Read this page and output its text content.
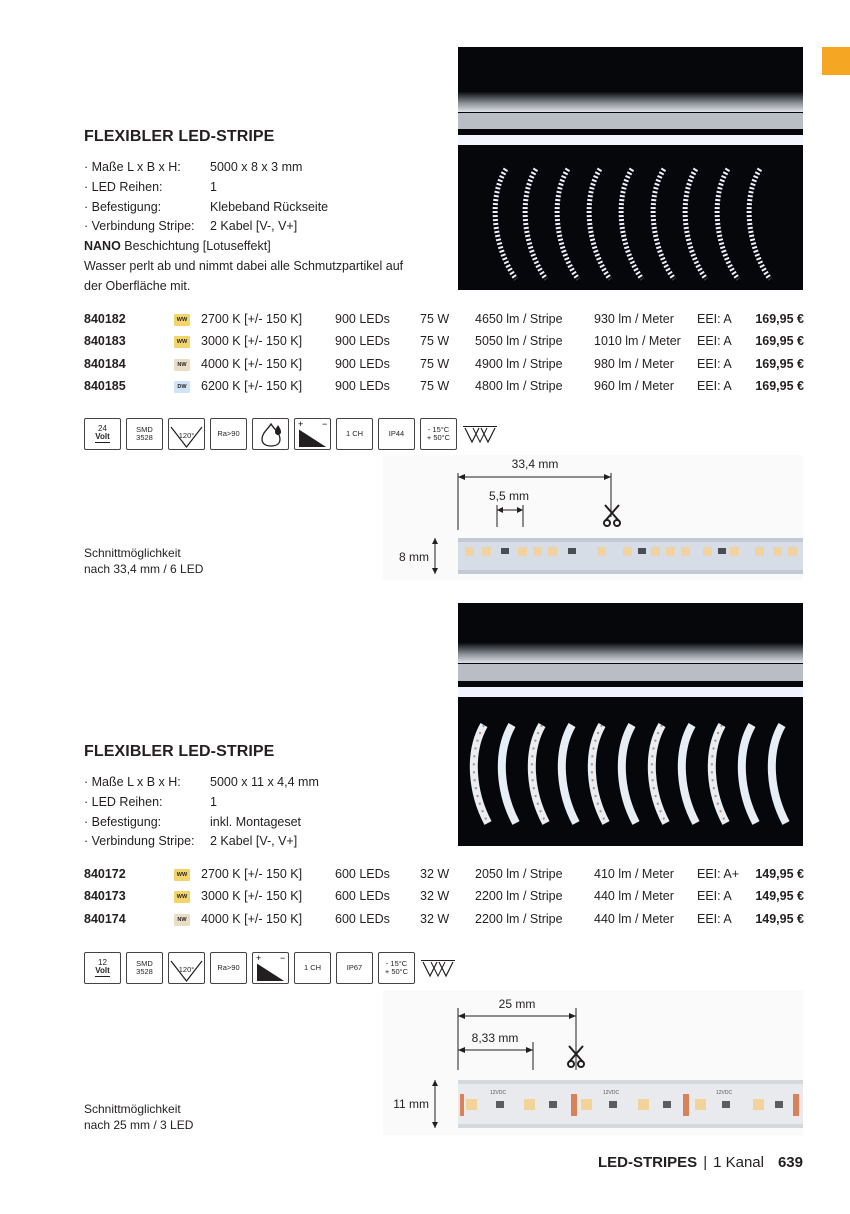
FLEXIBLER LED-STRIPE
· Maße L x B x H:	5000 x 8 x 3 mm
· LED Reihen:	1
· Befestigung:	Klebeband Rückseite
· Verbindung Stripe:	2 Kabel [V-, V+]
NANO Beschichtung [Lotuseffekt]
Wasser perlt ab und nimmt dabei alle Schmutzpartikel auf der Oberfläche mit.
840182	WW 2700 K [+/- 150 K]	900 LEDs 75 W 4650 lm / Stripe	930 lm / Meter EEI: A 169,95 €
840183	WW 3000 K [+/- 150 K]	900 LEDs 75 W 5050 lm / Stripe	1010 lm / Meter EEI: A 169,95 €
840184	NW 4000 K [+/- 150 K]	900 LEDs 75 W 4900 lm / Stripe	980 lm / Meter EEI: A 169,95 €
840185	DW 6200 K [+/- 150 K]	900 LEDs 75 W 4800 lm / Stripe	960 lm / Meter EEI: A 169,95 €
24
Volt
SMD
3528	120°	Ra>90
+ −
1 CH	IP44	- 15°C
+ 50°C
33,4 mm
5,5 mm
8 mm
Schnittmöglichkeit
nach 33,4 mm / 6 LED
FLEXIBLER LED-STRIPE
· Maße L x B x H:	5000 x 11 x 4,4 mm
· LED Reihen:	1
· Befestigung:	inkl. Montageset
· Verbindung Stripe:	2 Kabel [V-, V+]
840172	WW 2700 K [+/- 150 K]	600 LEDs 32 W 2050 lm / Stripe	410 lm / Meter EEI: A+ 149,95 €
840173	WW 3000 K [+/- 150 K]	600 LEDs 32 W 2200 lm / Stripe	440 lm / Meter EEI: A 149,95 €
840174	NW 4000 K [+/- 150 K]	600 LEDs 32 W 2200 lm / Stripe	440 lm / Meter EEI: A 149,95 €
12
Volt
SMD
3528	120°	Ra>90
+ −
1 CH	IP67	- 15°C
+ 50°C
25 mm
8,33 mm
12VDC	12VDC	12VDC
11 mm
Schnittmöglichkeit
nach 25 mm / 3 LED
LED-STRIPES | 1 Kanal 639
